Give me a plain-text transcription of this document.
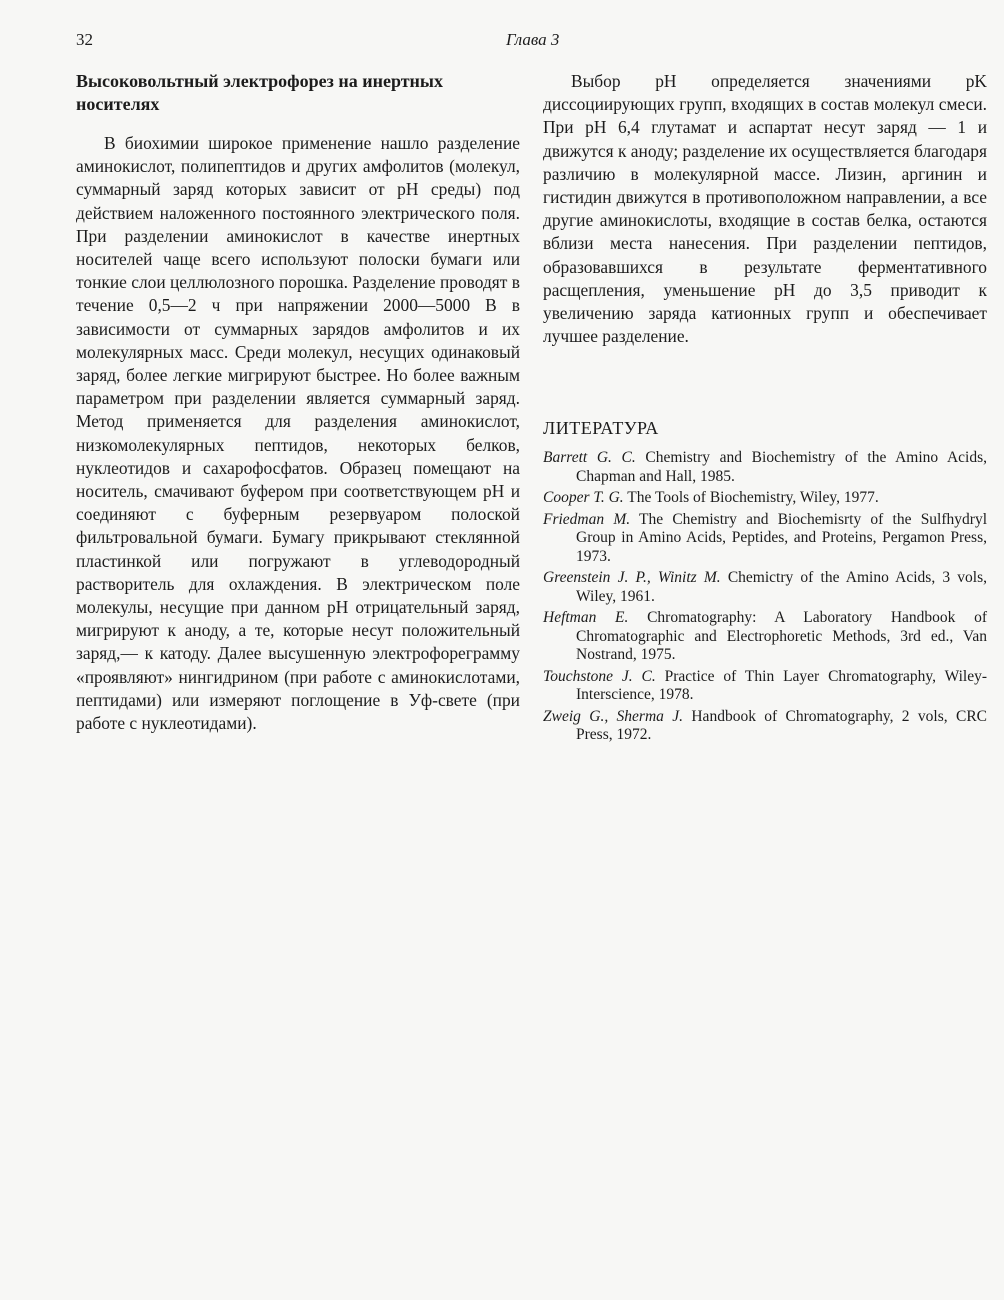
32	Глава 3
Высоковольтный электрофорез на инертных носителях

В биохимии широкое применение нашло разделение аминокислот, полипептидов и других амфолитов (молекул, суммарный заряд которых зависит от pH среды) под действием наложенного постоянного электрического поля. При разделении аминокислот в качестве инертных носителей чаще всего используют полоски бумаги или тонкие слои целлюлозного порошка. Разделение проводят в течение 0,5—2 ч при напряжении 2000—5000 В в зависимости от суммарных зарядов амфолитов и их молекулярных масс. Среди молекул, несущих одинаковый заряд, более легкие мигрируют быстрее. Но более важным параметром при разделении является суммарный заряд. Метод применяется для разделения аминокислот, низкомолекулярных пептидов, некоторых белков, нуклеотидов и сахарофосфатов. Образец помещают на носитель, смачивают буфером при соответствующем pH и соединяют с буферным резервуаром полоской фильтровальной бумаги. Бумагу прикрывают стеклянной пластинкой или погружают в углеводородный растворитель для охлаждения. В электрическом поле молекулы, несущие при данном pH отрицательный заряд, мигрируют к аноду, а те, которые несут положительный заряд,— к катоду. Далее высушенную электрофореграмму «проявляют» нингидрином (при работе с аминокислотами, пептидами) или измеряют поглощение в Уф-свете (при работе с нуклеотидами).

Выбор pH определяется значениями pK диссоциирующих групп, входящих в состав молекул смеси. При pH 6,4 глутамат и аспартат несут заряд — 1 и движутся к аноду; разделение их осуществляется благодаря различию в молекулярной массе. Лизин, аргинин и гистидин движутся в противоположном направлении, а все другие аминокислоты, входящие в состав белка, остаются вблизи места нанесения. При разделении пептидов, образовавшихся в результате ферментативного расщепления, уменьшение pH до 3,5 приводит к увеличению заряда катионных групп и обеспечивает лучшее разделение.

ЛИТЕРАТУРА
Barrett G. C. Chemistry and Biochemistry of the Amino Acids, Chapman and Hall, 1985.
Cooper T. G. The Tools of Biochemistry, Wiley, 1977.
Friedman M. The Chemistry and Biochemisrty of the Sulfhydryl Group in Amino Acids, Peptides, and Proteins, Pergamon Press, 1973.
Greenstein J. P., Winitz M. Chemictry of the Amino Acids, 3 vols, Wiley, 1961.
Heftman E. Chromatography: A Laboratory Handbook of Chromatographic and Electrophoretic Methods, 3rd ed., Van Nostrand, 1975.
Touchstone J. C. Practice of Thin Layer Chromatography, Wiley-Interscience, 1978.
Zweig G., Sherma J. Handbook of Chromatography, 2 vols, CRC Press, 1972.
